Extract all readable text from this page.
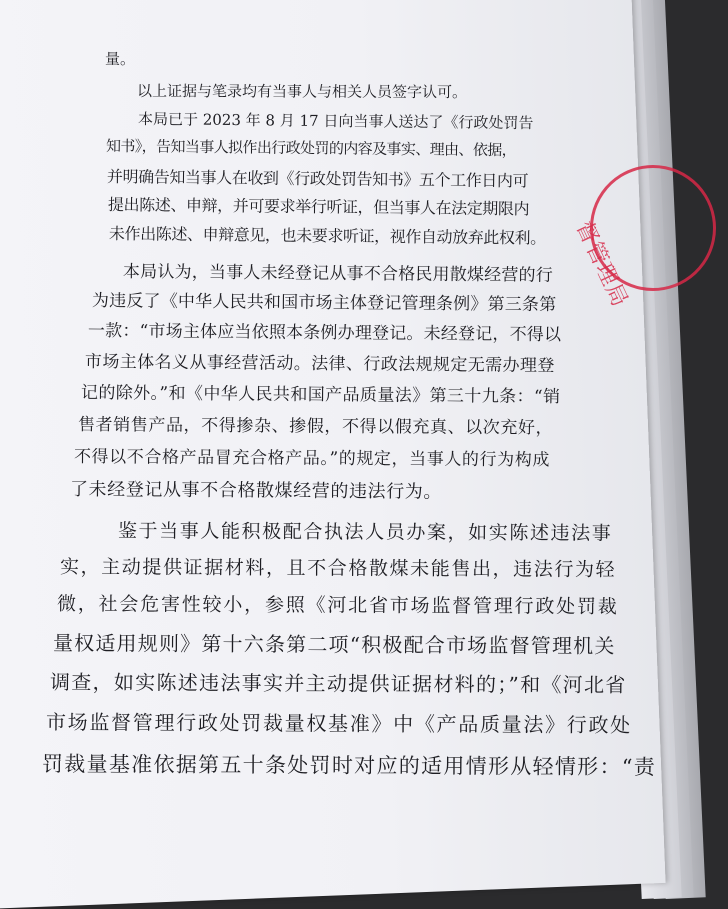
量。
以上证据与笔录均有当事人与相关人员签字认可。
本局已于 2023 年 8 月 17 日向当事人送达了《行政处罚告
知书》，告知当事人拟作出行政处罚的内容及事实、理由、依据，
并明确告知当事人在收到《行政处罚告知书》五个工作日内可
提出陈述、申辩，并可要求举行听证，但当事人在法定期限内
未作出陈述、申辩意见，也未要求听证，视作自动放弃此权利。
本局认为，当事人未经登记从事不合格民用散煤经营的行
为违反了《中华人民共和国市场主体登记管理条例》第三条第
一款：“市场主体应当依照本条例办理登记。未经登记，不得以
市场主体名义从事经营活动。法律、行政法规规定无需办理登
记的除外。”和《中华人民共和国产品质量法》第三十九条：“销
售者销售产品，不得掺杂、掺假，不得以假充真、以次充好，
不得以不合格产品冒充合格产品。”的规定，当事人的行为构成
了未经登记从事不合格散煤经营的违法行为。
鉴于当事人能积极配合执法人员办案，如实陈述违法事
实，主动提供证据材料，且不合格散煤未能售出，违法行为轻
微，社会危害性较小，参照《河北省市场监督管理行政处罚裁
量权适用规则》第十六条第二项“积极配合市场监督管理机关
调查，如实陈述违法事实并主动提供证据材料的；”和《河北省
市场监督管理行政处罚裁量权基准》中《产品质量法》行政处
罚裁量基准依据第五十条处罚时对应的适用情形从轻情形：“责
督管理局
